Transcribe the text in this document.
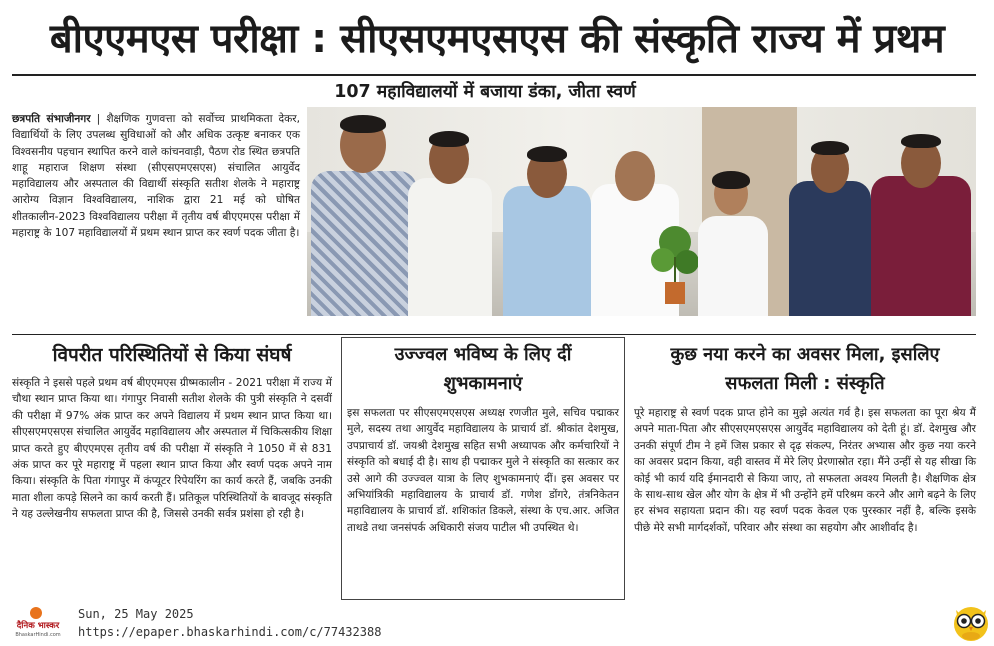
बीएएमएस परीक्षा : सीएसएमएसएस की संस्कृति राज्य में प्रथम
107 महाविद्यालयों में बजाया डंका, जीता स्वर्ण

छत्रपति संभाजीनगर | शैक्षणिक गुणवत्ता को सर्वोच्च प्राथमिकता देकर, विद्यार्थियों के लिए उपलब्ध सुविधाओं को और अधिक उत्कृष्ट बनाकर एक विश्वसनीय पहचान स्थापित करने वाले कांचनवाड़ी, पैठण रोड स्थित छत्रपति शाहू महाराज शिक्षण संस्था (सीएसएमएसएस) संचालित आयुर्वेद महाविद्यालय और अस्पताल की विद्यार्थी संस्कृति सतीश शेलके ने महाराष्ट्र आरोग्य विज्ञान विश्वविद्यालय, नाशिक द्वारा 21 मई को घोषित शीतकालीन-2023 विश्वविद्यालय परीक्षा में तृतीय वर्ष बीएएमएस परीक्षा में महाराष्ट्र के 107 महाविद्यालयों में प्रथम स्थान प्राप्त कर स्वर्ण पदक जीता है।

विपरीत परिस्थितियों से किया संघर्ष

संस्कृति ने इससे पहले प्रथम वर्ष बीएएमएस ग्रीष्मकालीन - 2021 परीक्षा में राज्य में चौथा स्थान प्राप्त किया था। गंगापुर निवासी सतीश शेलके की पुत्री संस्कृति ने दसवीं की परीक्षा में 97% अंक प्राप्त कर अपने विद्यालय में प्रथम स्थान प्राप्त किया था। सीएसएमएसएस संचालित आयुर्वेद महाविद्यालय और अस्पताल में चिकित्सकीय शिक्षा प्राप्त करते हुए बीएएमएस तृतीय वर्ष की परीक्षा में संस्कृति ने 1050 में से 831 अंक प्राप्त कर पूरे महाराष्ट्र में पहला स्थान प्राप्त किया और स्वर्ण पदक अपने नाम किया। संस्कृति के पिता गंगापुर में कंप्यूटर रिपेयरिंग का कार्य करते हैं, जबकि उनकी माता शीला कपड़े सिलने का कार्य करती हैं। प्रतिकूल परिस्थितियों के बावजूद संस्कृति ने यह उल्लेखनीय सफलता प्राप्त की है, जिससे उनकी सर्वत्र प्रशंसा हो रही है।

उज्ज्वल भविष्य के लिए दीं
शुभकामनाएं

इस सफलता पर सीएसएमएसएस अध्यक्ष रणजीत मुले, सचिव पद्माकर मुले, सदस्य तथा आयुर्वेद महाविद्यालय के प्राचार्य डॉ. श्रीकांत देशमुख, उपप्राचार्य डॉ. जयश्री देशमुख सहित सभी अध्यापक और कर्मचारियों ने संस्कृति को बधाई दी है। साथ ही पद्माकर मुले ने संस्कृति का सत्कार कर उसे आगे की उज्ज्वल यात्रा के लिए शुभकामनाएं दीं। इस अवसर पर अभियांत्रिकी महाविद्यालय के प्राचार्य डॉ. गणेश डोंगरे, तंत्रनिकेतन महाविद्यालय के प्राचार्य डॉ. शशिकांत डिकले, संस्था के एच.आर. अजित ताथडे तथा जनसंपर्क अधिकारी संजय पाटील भी उपस्थित थे।

कुछ नया करने का अवसर मिला, इसलिए
सफलता मिली : संस्कृति

पूरे महाराष्ट्र से स्वर्ण पदक प्राप्त होने का मुझे अत्यंत गर्व है। इस सफलता का पूरा श्रेय मैं अपने माता-पिता और सीएसएमएसएस आयुर्वेद महाविद्यालय को देती हूं। डॉ. देशमुख और उनकी संपूर्ण टीम ने हमें जिस प्रकार से दृढ़ संकल्प, निरंतर अभ्यास और कुछ नया करने का अवसर प्रदान किया, वही वास्तव में मेरे लिए प्रेरणास्रोत रहा। मैंने उन्हीं से यह सीखा कि कोई भी कार्य यदि ईमानदारी से किया जाए, तो सफलता अवश्य मिलती है। शैक्षणिक क्षेत्र के साथ-साथ खेल और योग के क्षेत्र में भी उन्होंने हमें परिश्रम करने और आगे बढ़ने के लिए हर संभव सहायता प्रदान की। यह स्वर्ण पदक केवल एक पुरस्कार नहीं है, बल्कि इसके पीछे मेरे सभी मार्गदर्शकों, परिवार और संस्था का सहयोग और आशीर्वाद है।

दैनिक भास्कर
BhaskarHindi.com

Sun, 25 May 2025

https://epaper.bhaskarhindi.com/c/77432388
